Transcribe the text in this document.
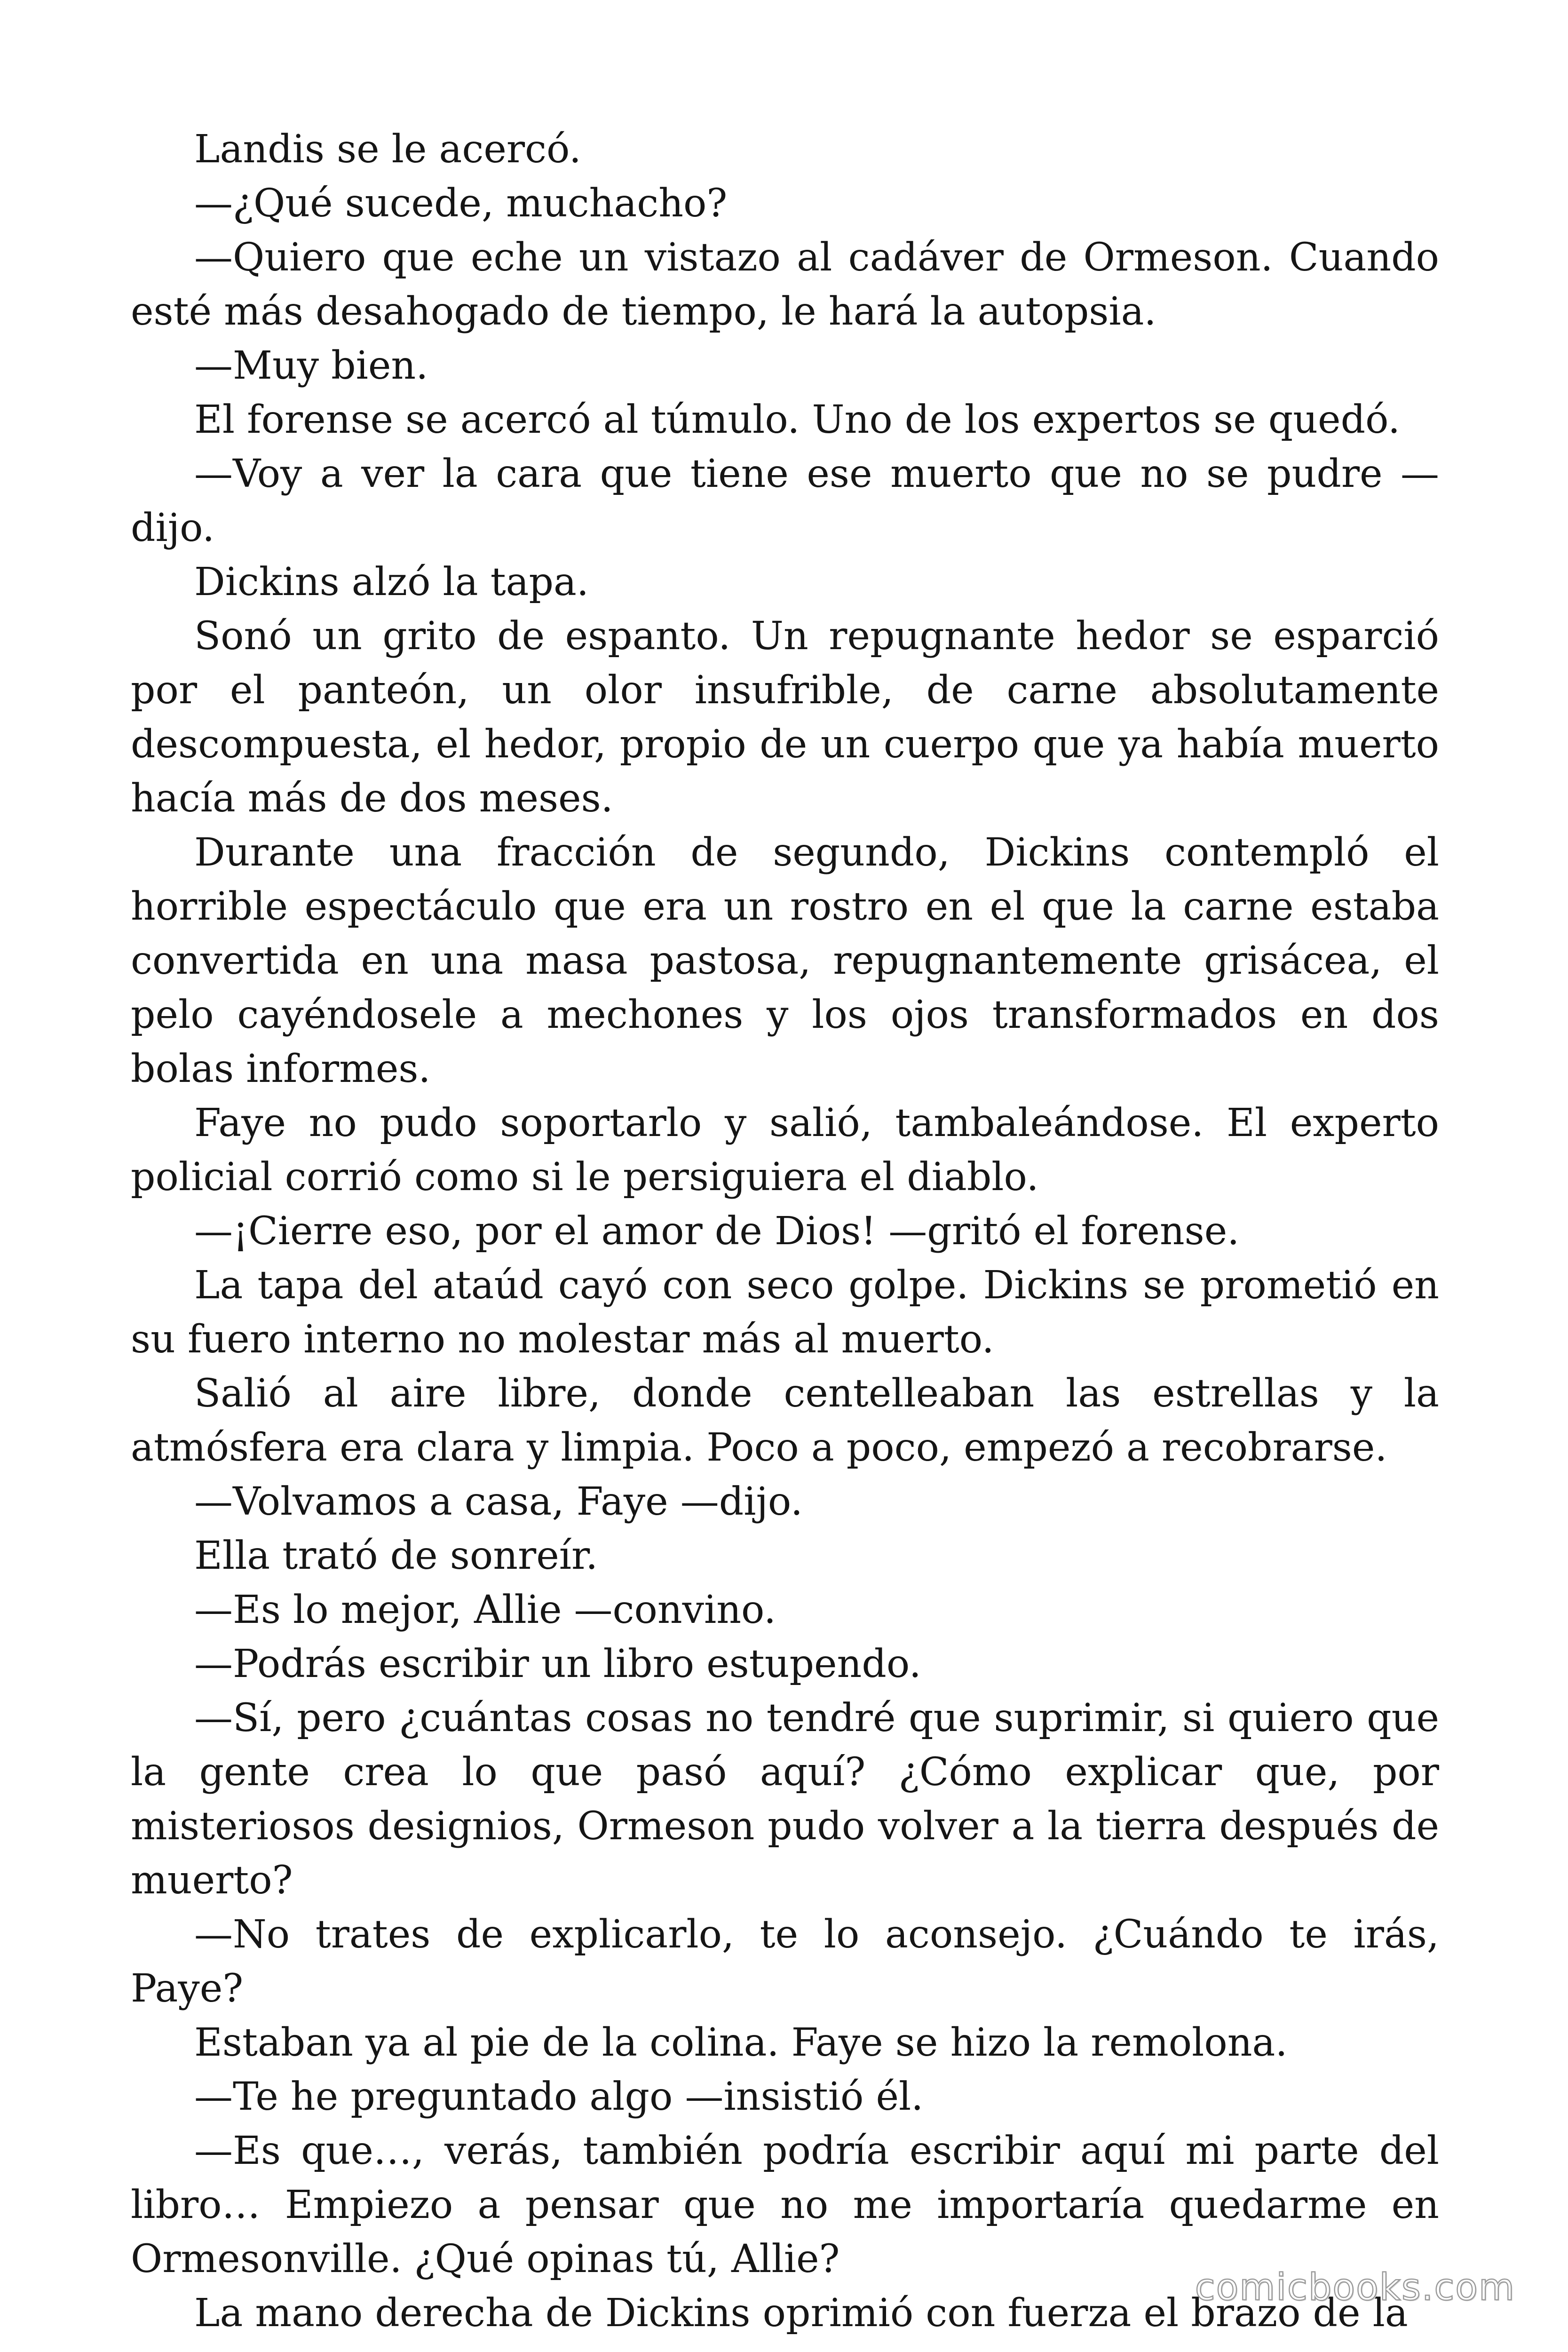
Landis se le acercó.

—¿Qué sucede, muchacho?

—Quiero que eche un vistazo al cadáver de Ormeson. Cuando esté más desahogado de tiempo, le hará la autopsia.

—Muy bien.

El forense se acercó al túmulo. Uno de los expertos se quedó.

—Voy a ver la cara que tiene ese muerto que no se pudre —dijo.

Dickins alzó la tapa.

Sonó un grito de espanto. Un repugnante hedor se esparció por el panteón, un olor insufrible, de carne absolutamente descompuesta, el hedor, propio de un cuerpo que ya había muerto hacía más de dos meses.

Durante una fracción de segundo, Dickins contempló el horrible espectáculo que era un rostro en el que la carne estaba convertida en una masa pastosa, repugnantemente grisácea, el pelo cayéndosele a mechones y los ojos transformados en dos bolas informes.

Faye no pudo soportarlo y salió, tambaleándose. El experto policial corrió como si le persiguiera el diablo.

—¡Cierre eso, por el amor de Dios! —gritó el forense.

La tapa del ataúd cayó con seco golpe. Dickins se prometió en su fuero interno no molestar más al muerto.

Salió al aire libre, donde centelleaban las estrellas y la atmósfera era clara y limpia. Poco a poco, empezó a recobrarse.

—Volvamos a casa, Faye —dijo.

Ella trató de sonreír.

—Es lo mejor, Allie —convino.

—Podrás escribir un libro estupendo.

—Sí, pero ¿cuántas cosas no tendré que suprimir, si quiero que la gente crea lo que pasó aquí? ¿Cómo explicar que, por misteriosos designios, Ormeson pudo volver a la tierra después de muerto?

—No trates de explicarlo, te lo aconsejo. ¿Cuándo te irás, Paye?

Estaban ya al pie de la colina. Faye se hizo la remolona.

—Te he preguntado algo —insistió él.

—Es que…, verás, también podría escribir aquí mi parte del libro… Empiezo a pensar que no me importaría quedarme en Ormesonville. ¿Qué opinas tú, Allie?

La mano derecha de Dickins oprimió con fuerza el brazo de la

comicbooks.com
